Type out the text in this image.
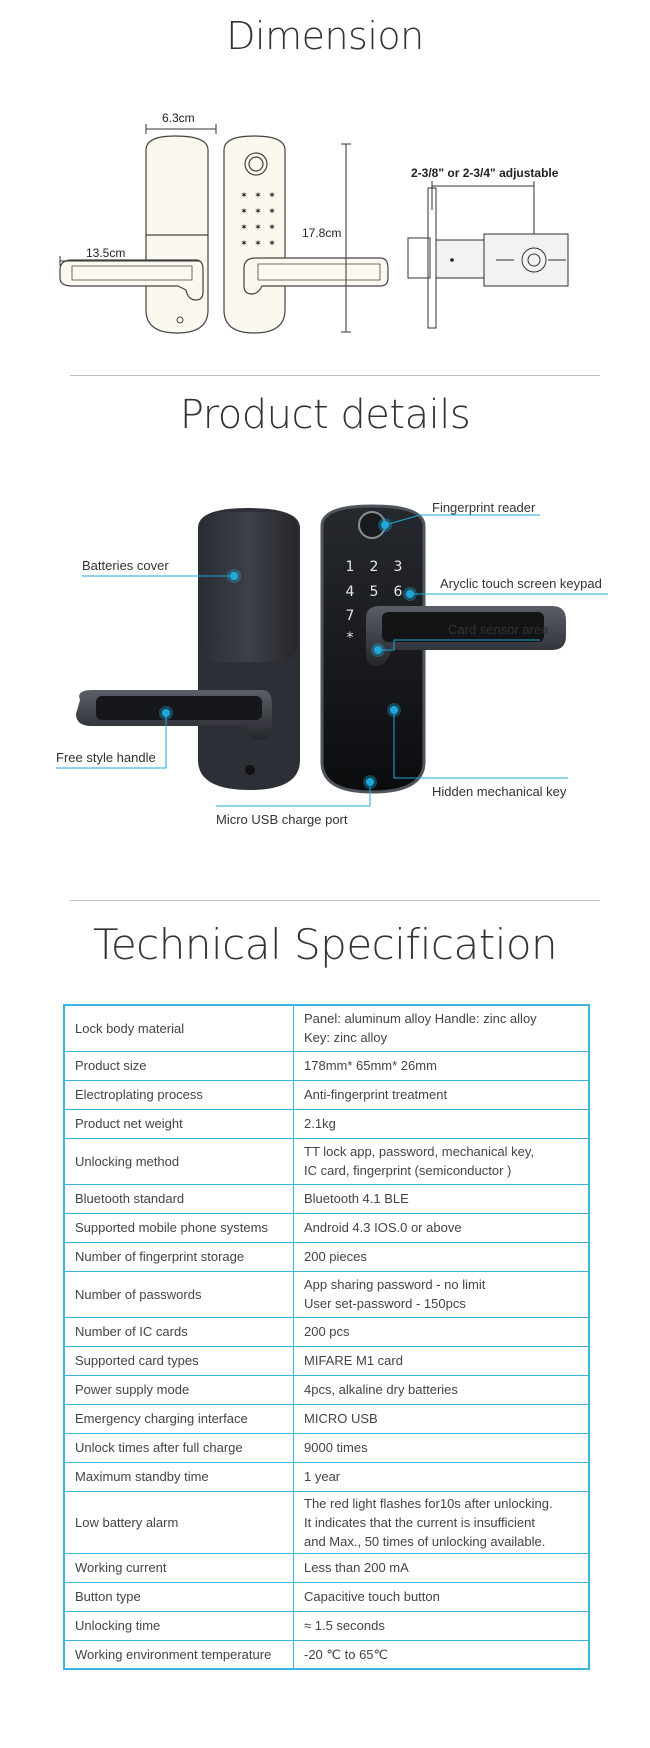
Dimension
✶ ✶ ✶
✶ ✶ ✶
✶ ✶ ✶
✶ ✶ ✶
6.3cm
13.5cm
17.8cm
2-3/8" or 2-3/4" adjustable
Product details
1 2 3
4 5 6
7
*
Batteries cover
Fingerprint reader
Aryclic touch screen keypad
Card sensor area
Free style handle
Hidden mechanical key
Micro USB charge port
Technical Specification
Lock body material	Panel: aluminum alloy Handle: zinc alloy
Key: zinc alloy

Product size	178mm* 65mm* 26mm

Electroplating process	Anti-fingerprint treatment

Product net weight	2.1kg

Unlocking method	TT lock app, password, mechanical key,
IC card, fingerprint (semiconductor )

Bluetooth standard	Bluetooth 4.1 BLE

Supported mobile phone systems	Android 4.3 IOS.0 or above

Number of fingerprint storage	200 pieces

Number of passwords	App sharing password - no limit
User set-password - 150pcs

Number of IC cards	200 pcs

Supported card types	MIFARE M1 card

Power supply mode	4pcs, alkaline dry batteries

Emergency charging interface	MICRO USB

Unlock times after full charge	9000 times

Maximum standby time	1 year

Low battery alarm	The red light flashes for10s after unlocking.
It indicates that the current is insufficient
and Max., 50 times of unlocking available.

Working current	Less than 200 mA

Button type	Capacitive touch button

Unlocking time	≈ 1.5 seconds

Working environment temperature	-20 ℃ to 65℃
